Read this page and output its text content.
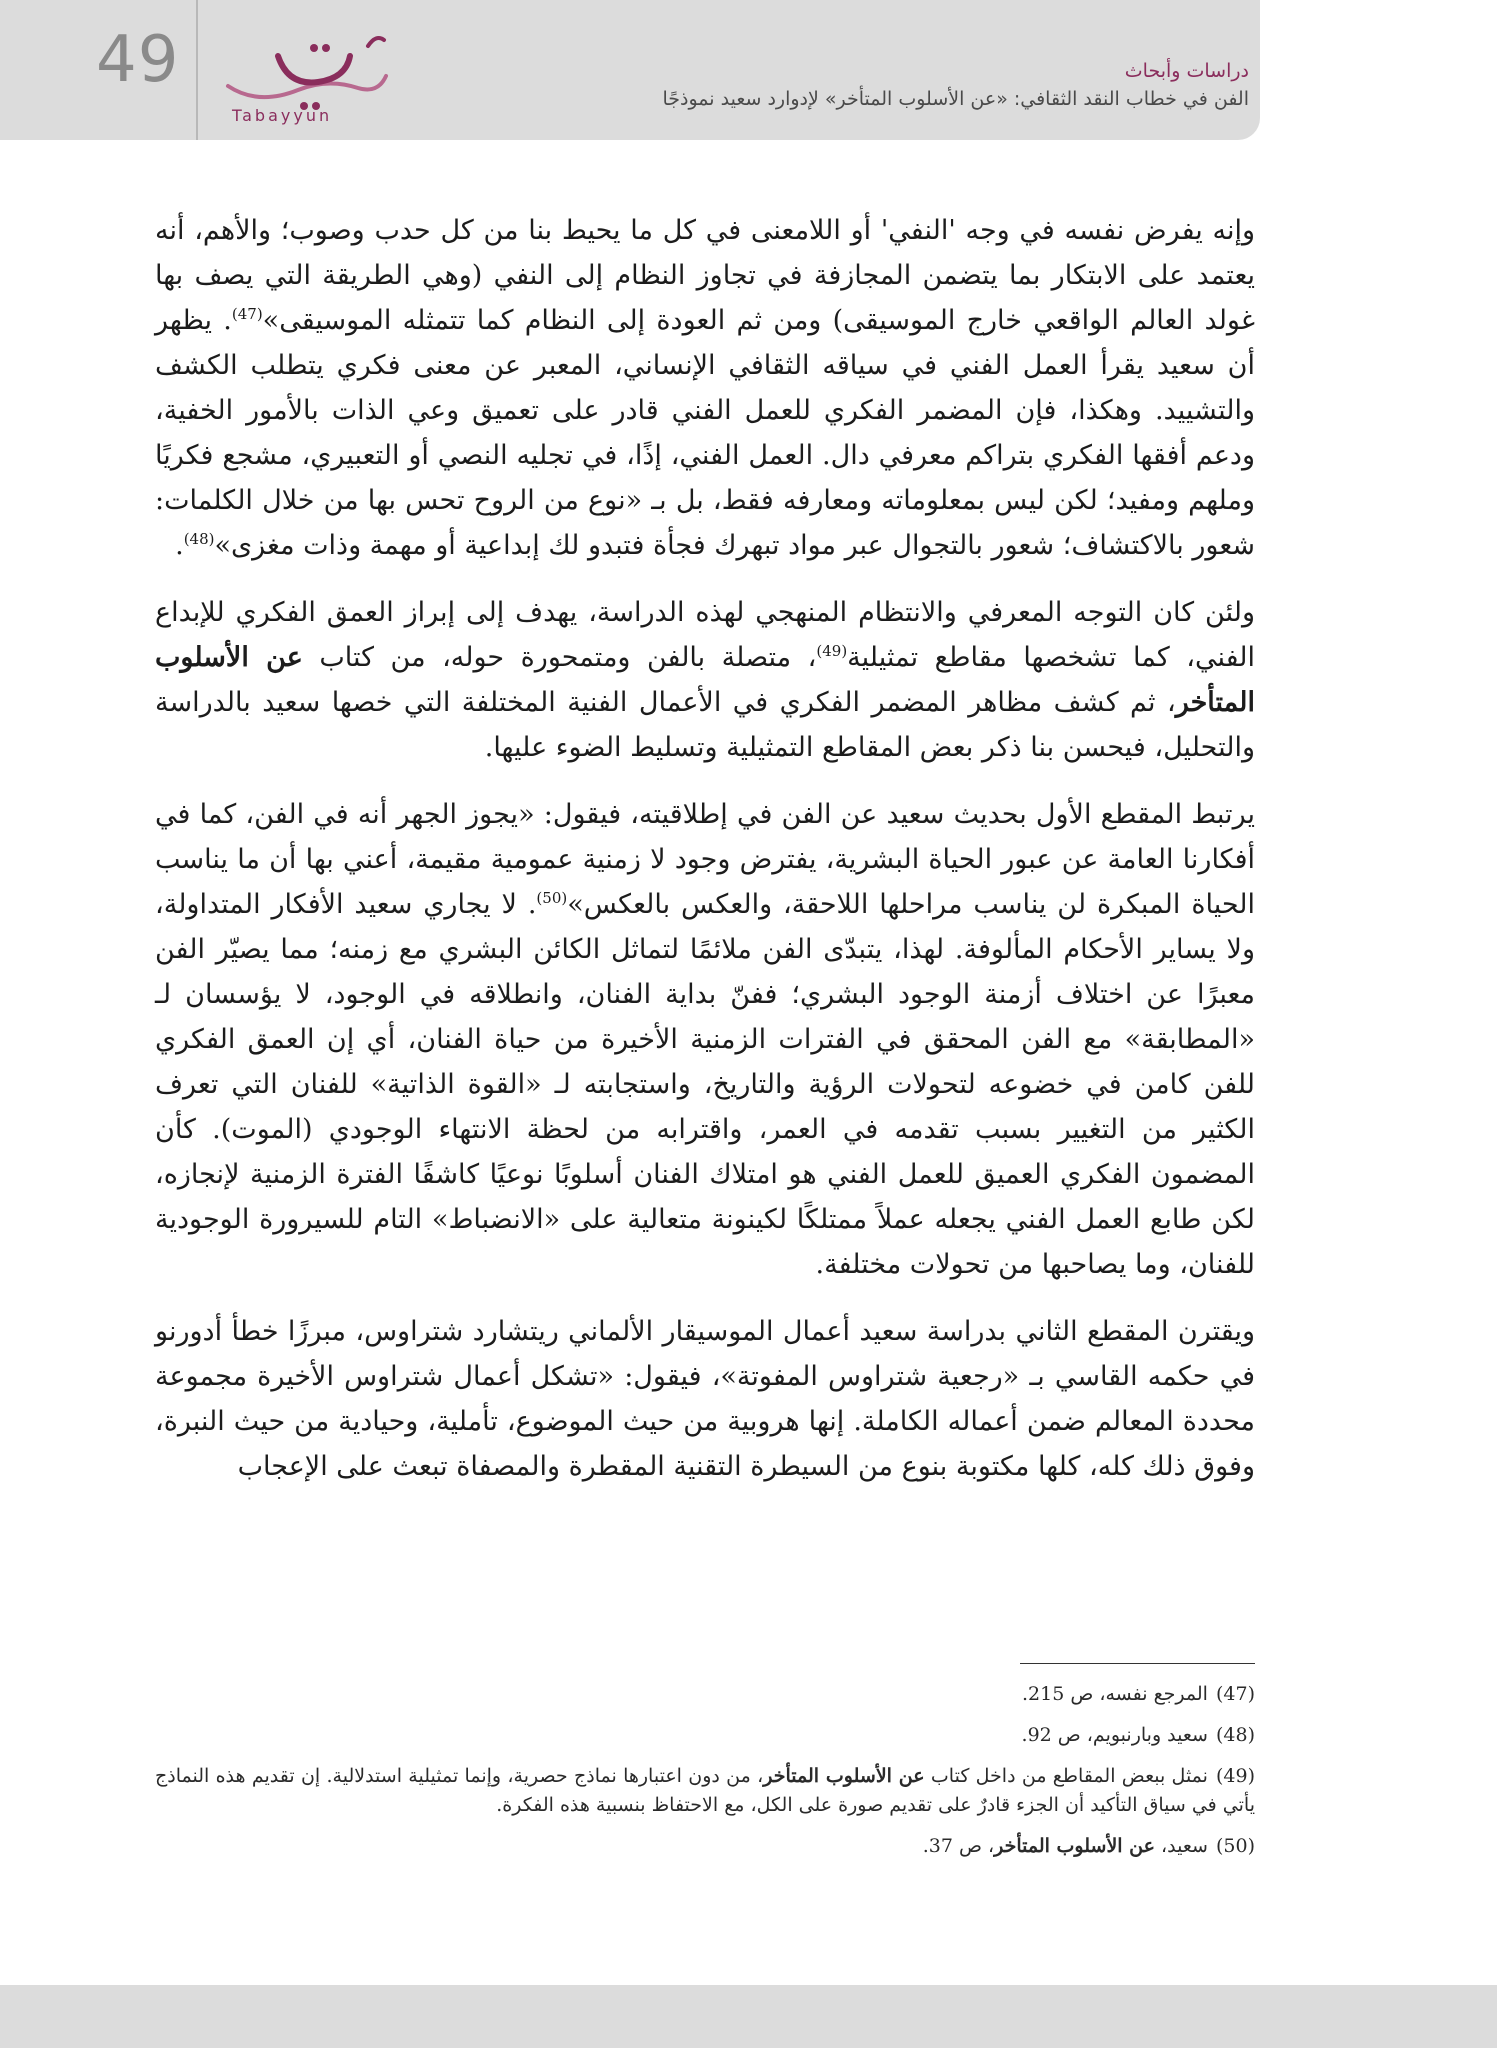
49
Tabayyun
دراسات وأبحاث
الفن في خطاب النقد الثقافي: «عن الأسلوب المتأخر» لإدوارد سعيد نموذجًا

وإنه يفرض نفسه في وجه 'النفي' أو اللامعنى في كل ما يحيط بنا من كل حدب وصوب؛ والأهم، أنه يعتمد على الابتكار بما يتضمن المجازفة في تجاوز النظام إلى النفي (وهي الطريقة التي يصف بها غولد العالم الواقعي خارج الموسيقى) ومن ثم العودة إلى النظام كما تتمثله الموسيقى»$^{(47)}$. يظهر أن سعيد يقرأ العمل الفني في سياقه الثقافي الإنساني، المعبر عن معنى فكري يتطلب الكشف والتشييد. وهكذا، فإن المضمر الفكري للعمل الفني قادر على تعميق وعي الذات بالأمور الخفية، ودعم أفقها الفكري بتراكم معرفي دال. العمل الفني، إذًا، في تجليه النصي أو التعبيري، مشجع فكريًا وملهم ومفيد؛ لكن ليس بمعلوماته ومعارفه فقط، بل بـ «نوع من الروح تحس بها من خلال الكلمات: شعور بالاكتشاف؛ شعور بالتجوال عبر مواد تبهرك فجأة فتبدو لك إبداعية أو مهمة وذات مغزى»$^{(48)}$.

ولئن كان التوجه المعرفي والانتظام المنهجي لهذه الدراسة، يهدف إلى إبراز العمق الفكري للإبداع الفني، كما تشخصها مقاطع تمثيلية$^{(49)}$، متصلة بالفن ومتمحورة حوله، من كتاب عن الأسلوب المتأخر، ثم كشف مظاهر المضمر الفكري في الأعمال الفنية المختلفة التي خصها سعيد بالدراسة والتحليل، فيحسن بنا ذكر بعض المقاطع التمثيلية وتسليط الضوء عليها.

يرتبط المقطع الأول بحديث سعيد عن الفن في إطلاقيته، فيقول: «يجوز الجهر أنه في الفن، كما في أفكارنا العامة عن عبور الحياة البشرية، يفترض وجود لا زمنية عمومية مقيمة، أعني بها أن ما يناسب الحياة المبكرة لن يناسب مراحلها اللاحقة، والعكس بالعكس»$^{(50)}$. لا يجاري سعيد الأفكار المتداولة، ولا يساير الأحكام المألوفة. لهذا، يتبدّى الفن ملائمًا لتماثل الكائن البشري مع زمنه؛ مما يصيّر الفن معبرًا عن اختلاف أزمنة الوجود البشري؛ ففنّ بداية الفنان، وانطلاقه في الوجود، لا يؤسسان لـ «المطابقة» مع الفن المحقق في الفترات الزمنية الأخيرة من حياة الفنان، أي إن العمق الفكري للفن كامن في خضوعه لتحولات الرؤية والتاريخ، واستجابته لـ «القوة الذاتية» للفنان التي تعرف الكثير من التغيير بسبب تقدمه في العمر، واقترابه من لحظة الانتهاء الوجودي (الموت). كأن المضمون الفكري العميق للعمل الفني هو امتلاك الفنان أسلوبًا نوعيًا كاشفًا الفترة الزمنية لإنجازه، لكن طابع العمل الفني يجعله عملاً ممتلكًا لكينونة متعالية على «الانضباط» التام للسيرورة الوجودية للفنان، وما يصاحبها من تحولات مختلفة.

ويقترن المقطع الثاني بدراسة سعيد أعمال الموسيقار الألماني ريتشارد شتراوس، مبرزًا خطأ أدورنو في حكمه القاسي بـ «رجعية شتراوس المفوتة»، فيقول: «تشكل أعمال شتراوس الأخيرة مجموعة محددة المعالم ضمن أعماله الكاملة. إنها هروبية من حيث الموضوع، تأملية، وحيادية من حيث النبرة، وفوق ذلك كله، كلها مكتوبة بنوع من السيطرة التقنية المقطرة والمصفاة تبعث على الإعجاب

(47)المرجع نفسه، ص 215.
(48)سعيد وبارنبويم، ص 92.
(49)نمثل ببعض المقاطع من داخل كتاب عن الأسلوب المتأخر، من دون اعتبارها نماذج حصرية، وإنما تمثيلية استدلالية. إن تقديم هذه النماذج يأتي في سياق التأكيد أن الجزء قادرٌ على تقديم صورة على الكل، مع الاحتفاظ بنسبية هذه الفكرة.
(50)سعيد، عن الأسلوب المتأخر، ص 37.
